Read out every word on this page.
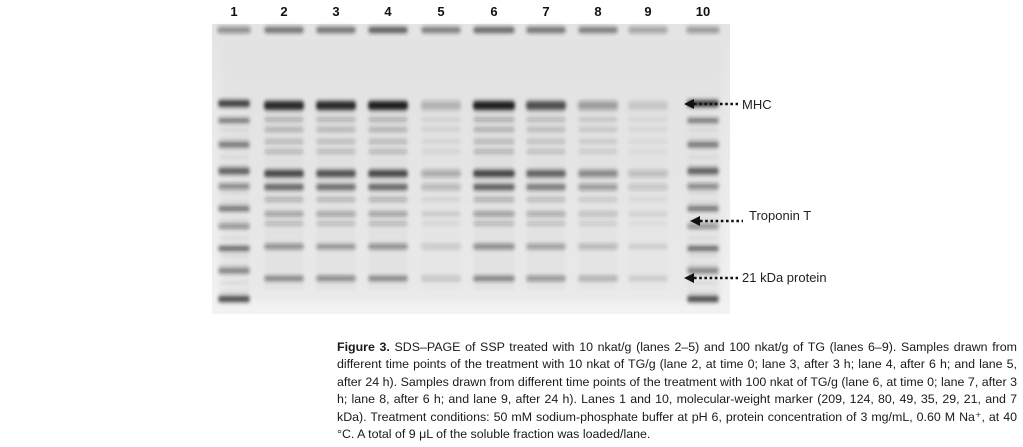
1	2	3	4	5	6	7	8	9	10
MHC
Troponin T
21 kDa protein
Figure 3. SDS–PAGE of SSP treated with 10 nkat/g (lanes 2–5) and 100 nkat/g of TG (lanes 6–9). Samples drawn from different time points of the treatment with 10 nkat of TG/g (lane 2, at time 0; lane 3, after 3 h; lane 4, after 6 h; and lane 5, after 24 h). Samples drawn from different time points of the treatment with 100 nkat of TG/g (lane 6, at time 0; lane 7, after 3 h; lane 8, after 6 h; and lane 9, after 24 h). Lanes 1 and 10, molecular-weight marker (209, 124, 80, 49, 35, 29, 21, and 7 kDa). Treatment conditions: 50 mM sodium-phosphate buffer at pH 6, protein concentration of 3 mg/mL, 0.60 M Na⁺, at 40 °C. A total of 9 μL of the soluble fraction was loaded/lane.
